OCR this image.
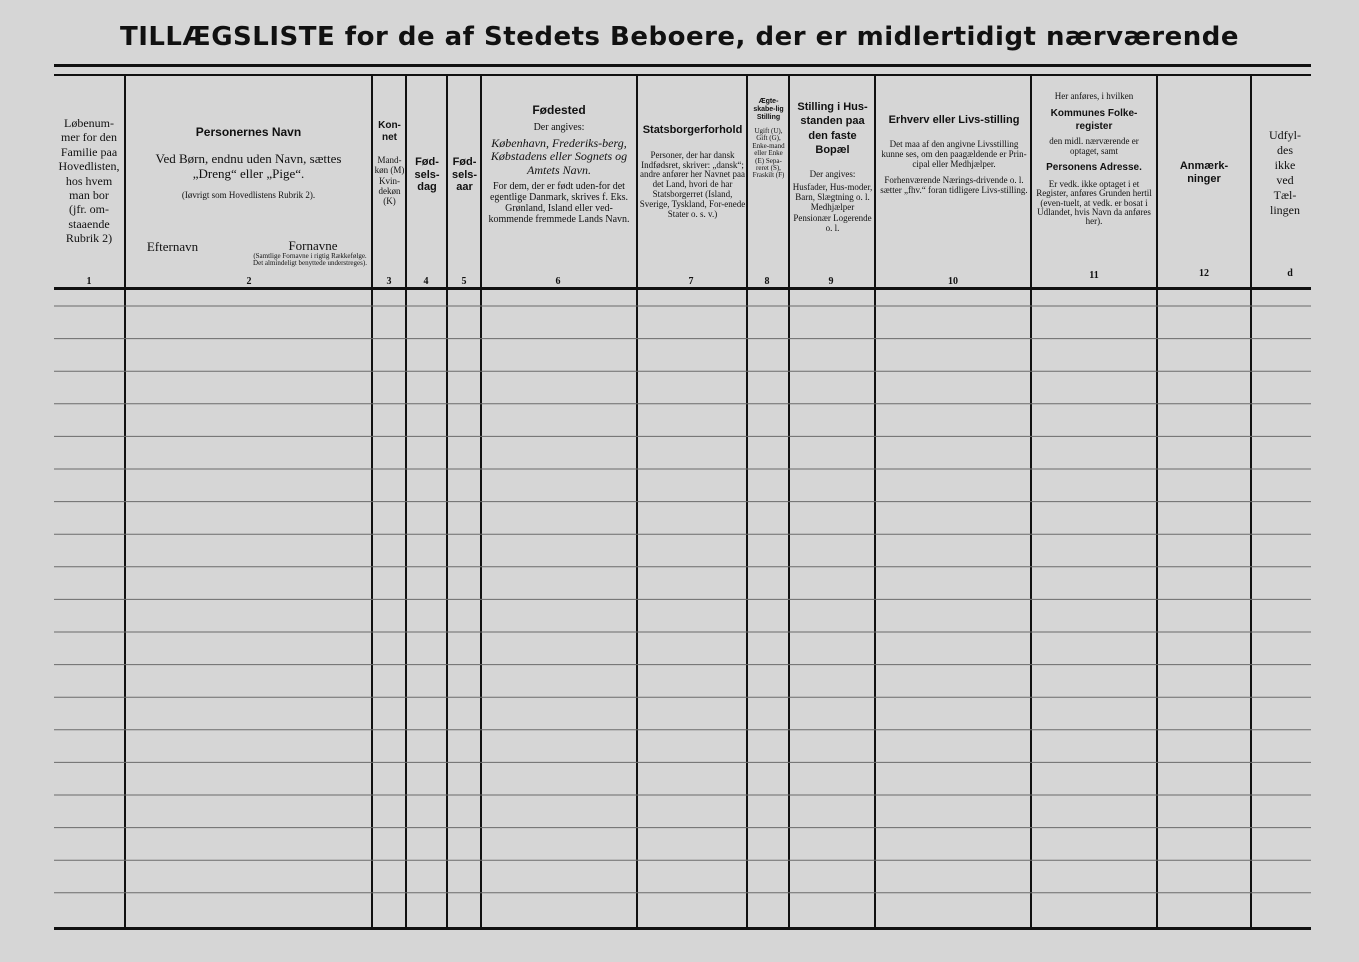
TILLÆGSLISTE for de af Stedets Beboere, der er midlertidigt nærværende
Løbenum-
mer for den
Familie paa
Hovedlisten,
hos hvem
man bor
(jfr. om-
staaende
Rubrik 2)
1
Personernes Navn
Ved Børn, endnu uden Navn, sættes
„Dreng“ eller „Pige“.
(Iøvrigt som Hovedlistens Rubrik 2).
Efternavn	Fornavne
(Samtlige Fornavne i rigtig Rækkefølge. Det almindeligt benyttede understreges).
2
Kon-net
Mand-køn (M) Kvin-dekøn (K)
3
Fød-sels-dag
4
Fød-sels-aar
5
Fødested
Der angives:
København, Frederiks-berg, Købstadens eller Sognets og Amtets Navn.
For dem, der er født uden-for det egentlige Danmark, skrives f. Eks. Grønland, Island eller ved-kommende fremmede Lands Navn.
6
Statsborgerforhold
Personer, der har dansk Indfødsret, skriver: „dansk“; andre anfører her Navnet paa det Land, hvori de har Statsborgerret (Island, Sverige, Tyskland, For-enede Stater o. s. v.)
7
Ægte-skabe-lig Stilling
Ugift (U), Gift (G), Enke-mand eller Enke (E) Sepa-reret (S), Fraskilt (F)
8
Stilling i Hus-standen paa den faste Bopæl
Der angives:
Husfader, Hus-moder, Barn, Slægtning o. l. Medhjælper Pensionær Logerende o. l.
9
Erhverv eller Livs-stilling
Det maa af den angivne Livsstilling kunne ses, om den paagældende er Prin-cipal eller Medhjælper.
Forhenværende Nærings-drivende o. l. sætter „fhv.“ foran tidligere Livs-stilling.
10
Her anføres, i hvilken
Kommunes Folke-register
den midl. nærværende er optaget, samt
Personens Adresse.
Er vedk. ikke optaget i et Register, anføres Grunden hertil (even-tuelt, at vedk. er bosat i Udlandet, hvis Navn da anføres her).
11
Anmærk-ninger
12
Udfyl-
des
ikke
ved
Tæl-
lingen
d
